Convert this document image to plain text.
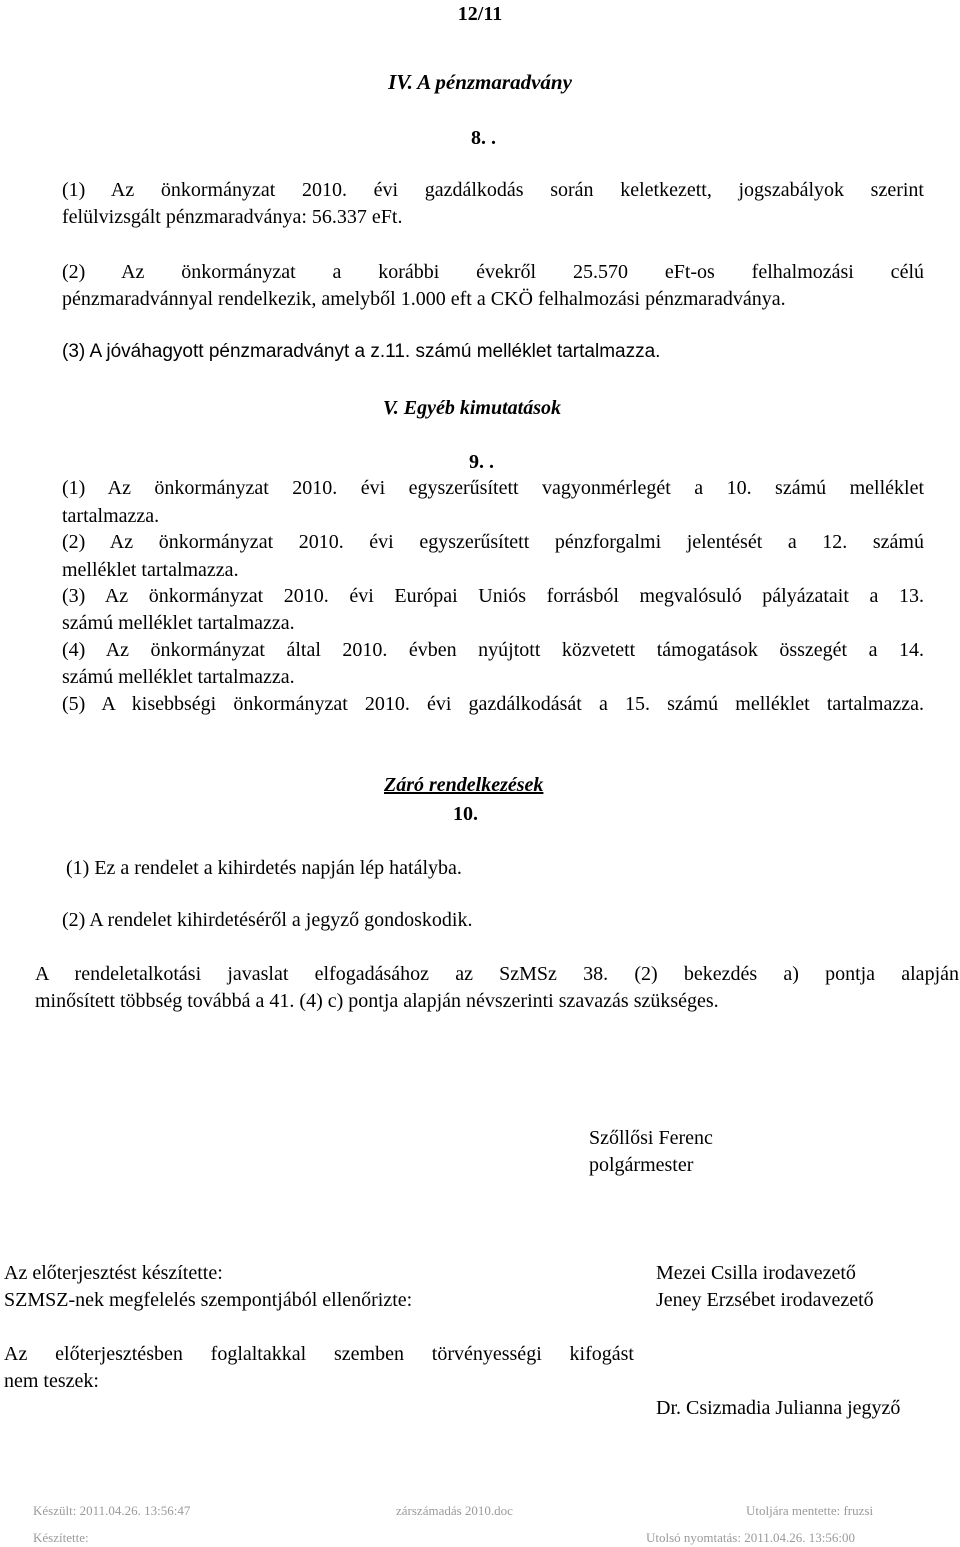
12/11
IV. A pénzmaradvány
8. .
(1) Az önkormányzat 2010. évi gazdálkodás során keletkezett, jogszabályok szerint
felülvizsgált pénzmaradványa: 56.337 eFt.
(2) Az önkormányzat a korábbi évekről 25.570 eFt-os felhalmozási célú
pénzmaradvánnyal rendelkezik, amelyből 1.000 eft a CKÖ felhalmozási pénzmaradványa.
(3) A jóváhagyott pénzmaradványt a z.11. számú melléklet tartalmazza.
V. Egyéb kimutatások
9. .
(1) Az önkormányzat 2010. évi egyszerűsített vagyonmérlegét a 10. számú melléklet
tartalmazza.
(2) Az önkormányzat 2010. évi egyszerűsített pénzforgalmi jelentését a 12. számú
melléklet tartalmazza.
(3) Az önkormányzat 2010. évi Európai Uniós forrásból megvalósuló pályázatait a 13.
számú melléklet tartalmazza.
(4) Az önkormányzat által 2010. évben nyújtott közvetett támogatások összegét a 14.
számú melléklet tartalmazza.
(5) A kisebbségi önkormányzat 2010. évi gazdálkodását a 15. számú melléklet tartalmazza.
Záró rendelkezések
10.
(1) Ez a rendelet a kihirdetés napján lép hatályba.
(2) A rendelet kihirdetéséről a jegyző gondoskodik.
A rendeletalkotási javaslat elfogadásához az SzMSz 38. (2) bekezdés a) pontja alapján
minősített többség továbbá a 41. (4) c) pontja alapján névszerinti szavazás szükséges.
Szőllősi Ferenc
polgármester
Az előterjesztést készítette:	Mezei Csilla irodavezető
SZMSZ-nek megfelelés szempontjából ellenőrizte:	Jeney Erzsébet irodavezető
Az előterjesztésben foglaltakkal szemben törvényességi kifogást
nem teszek:
Dr. Csizmadia Julianna jegyző
Készült: 2011.04.26. 13:56:47	zárszámadás 2010.doc	Utoljára mentette: fruzsi
Készítette:	Utolsó nyomtatás: 2011.04.26. 13:56:00
